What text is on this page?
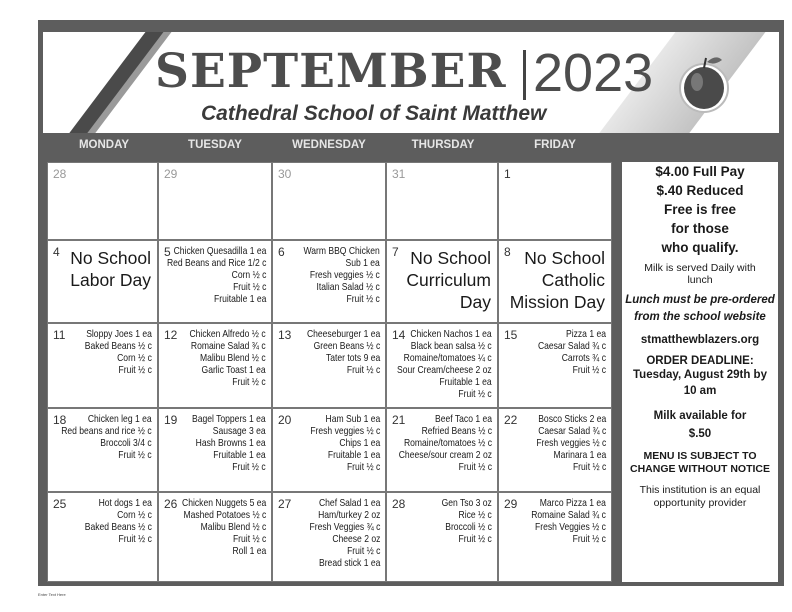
SEPTEMBER 2023
Cathedral School of Saint Matthew
MONDAY	TUESDAY	WEDNESDAY	THURSDAY	FRIDAY
28	29	30	31	1
4 No School
Labor Day
5 Chicken Quesadilla 1 ea
Red Beans and Rice 1/2 c
Corn ½ c
Fruit ½ c
Fruitable 1 ea
6 Warm BBQ Chicken
Sub 1 ea
Fresh veggies ½ c
Italian Salad ½ c
Fruit ½ c
7 No School
Curriculum
Day
8 No School
Catholic
Mission Day
11 Sloppy Joes 1 ea
Baked Beans ½ c
Corn ½ c
Fruit ½ c
12 Chicken Alfredo ½ c
Romaine Salad ¾ c
Malibu Blend ½ c
Garlic Toast 1 ea
Fruit ½ c
13 Cheeseburger 1 ea
Green Beans ½ c
Tater tots 9 ea
Fruit ½ c
14 Chicken Nachos 1 ea
Black bean salsa ½ c
Romaine/tomatoes ¼ c
Sour Cream/cheese 2 oz
Fruitable 1 ea
Fruit ½ c
15	Pizza 1 ea
Caesar Salad ¾ c
Carrots ¾ c
Fruit ½ c
18 Chicken leg 1 ea
Red beans and rice ½ c
Broccoli 3/4 c
Fruit ½ c
19 Bagel Toppers 1 ea
Sausage 3 ea
Hash Browns 1 ea
Fruitable 1 ea
Fruit ½ c
20	Ham Sub 1 ea
Fresh veggies ½ c
Chips 1 ea
Fruitable 1 ea
Fruit ½ c
21	Beef Taco 1 ea
Refried Beans ½ c
Romaine/tomatoes ½ c
Cheese/sour cream 2 oz
Fruit ½ c
22 Bosco Sticks 2 ea
Caesar Salad ¾ c
Fresh veggies ½ c
Marinara 1 ea
Fruit ½ c
25	Hot dogs 1 ea
Corn ½ c
Baked Beans ½ c
Fruit ½ c
26 Chicken Nuggets 5 ea
Mashed Potatoes ½ c
Malibu Blend ½ c
Fruit ½ c
Roll 1 ea
27	Chef Salad 1 ea
Ham/turkey 2 oz
Fresh Veggies ¾ c
Cheese 2 oz
Fruit ½ c
Bread stick 1 ea
28	Gen Tso 3 oz
Rice ½ c
Broccoli ½ c
Fruit ½ c
29 Marco Pizza 1 ea
Romaine Salad ¾ c
Fresh Veggies ½ c
Fruit ½ c
$4.00 Full Pay
$.40 Reduced
Free is free
for those
who qualify.
Milk is served Daily with lunch
Lunch must be pre-ordered from the school website
stmatthewblazers.org
ORDER DEADLINE:
Tuesday, August 29th by 10 am
Milk available for $.50
MENU IS SUBJECT TO CHANGE WITHOUT NOTICE
This institution is an equal opportunity provider
Enter Text Here
